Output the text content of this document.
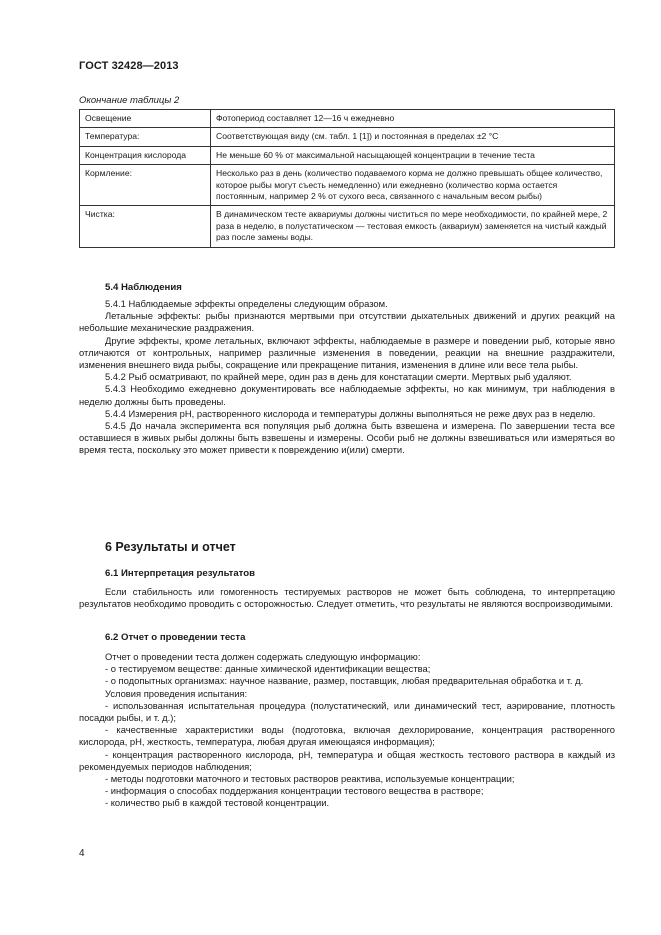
ГОСТ 32428—2013
Окончание таблицы 2
Освещение	Фотопериод составляет 12—16 ч ежедневно
Температура:	Соответствующая виду (см. табл. 1 [1]) и постоянная в пределах ±2 °С
Концентрация кислорода	Не меньше 60 % от максимальной насыщающей концентрации в течение теста
Кормление:	Несколько раз в день (количество подаваемого корма не должно превышать общее количество, которое рыбы могут съесть немедленно) или ежедневно (количество корма остается постоянным, например 2 % от сухого веса, связанного с начальным весом рыбы)
Чистка:	В динамическом тесте аквариумы должны чиститься по мере необходимости, по крайней мере, 2 раза в неделю, в полустатическом — тестовая емкость (аквариум) заменяется на чистый каждый раз после замены воды.
5.4 Наблюдения

5.4.1 Наблюдаемые эффекты определены следующим образом.

Летальные эффекты: рыбы признаются мертвыми при отсутствии дыхательных движений и других реакций на небольшие механические раздражения.

Другие эффекты, кроме летальных, включают эффекты, наблюдаемые в размере и поведении рыб, которые явно отличаются от контрольных, например различные изменения в поведении, реакции на внешние раздражители, изменения внешнего вида рыбы, сокращение или прекращение питания, изменения в длине или весе тела рыбы.

5.4.2 Рыб осматривают, по крайней мере, один раз в день для констатации смерти. Мертвых рыб удаляют.

5.4.3 Необходимо ежедневно документировать все наблюдаемые эффекты, но как минимум, три наблюдения в неделю должны быть проведены.

5.4.4 Измерения рН, растворенного кислорода и температуры должны выполняться не реже двух раз в неделю.

5.4.5 До начала эксперимента вся популяция рыб должна быть взвешена и измерена. По завершении теста все оставшиеся в живых рыбы должны быть взвешены и измерены. Особи рыб не должны взвешиваться или измеряться во время теста, поскольку это может привести к повреждению и(или) смерти.

6 Результаты и отчет
6.1 Интерпретация результатов

Если стабильность или гомогенность тестируемых растворов не может быть соблюдена, то интерпретацию результатов необходимо проводить с осторожностью. Следует отметить, что результаты не являются воспроизводимыми.

6.2 Отчет о проведении теста

Отчет о проведении теста должен содержать следующую информацию:

- о тестируемом веществе: данные химической идентификации вещества;

- о подопытных организмах: научное название, размер, поставщик, любая предварительная обработка и т. д.

Условия проведения испытания:

- использованная испытательная процедура (полустатический, или динамический тест, аэрирование, плотность посадки рыбы, и т. д.);

- качественные характеристики воды (подготовка, включая дехлорирование, концентрация растворенного кислорода, рН, жесткость, температура, любая другая имеющаяся информация);

- концентрация растворенного кислорода, рН, температура и общая жесткость тестового раствора в каждый из рекомендуемых периодов наблюдения;

- методы подготовки маточного и тестовых растворов реактива, используемые концентрации;

- информация о способах поддержания концентрации тестового вещества в растворе;

- количество рыб в каждой тестовой концентрации.

4
